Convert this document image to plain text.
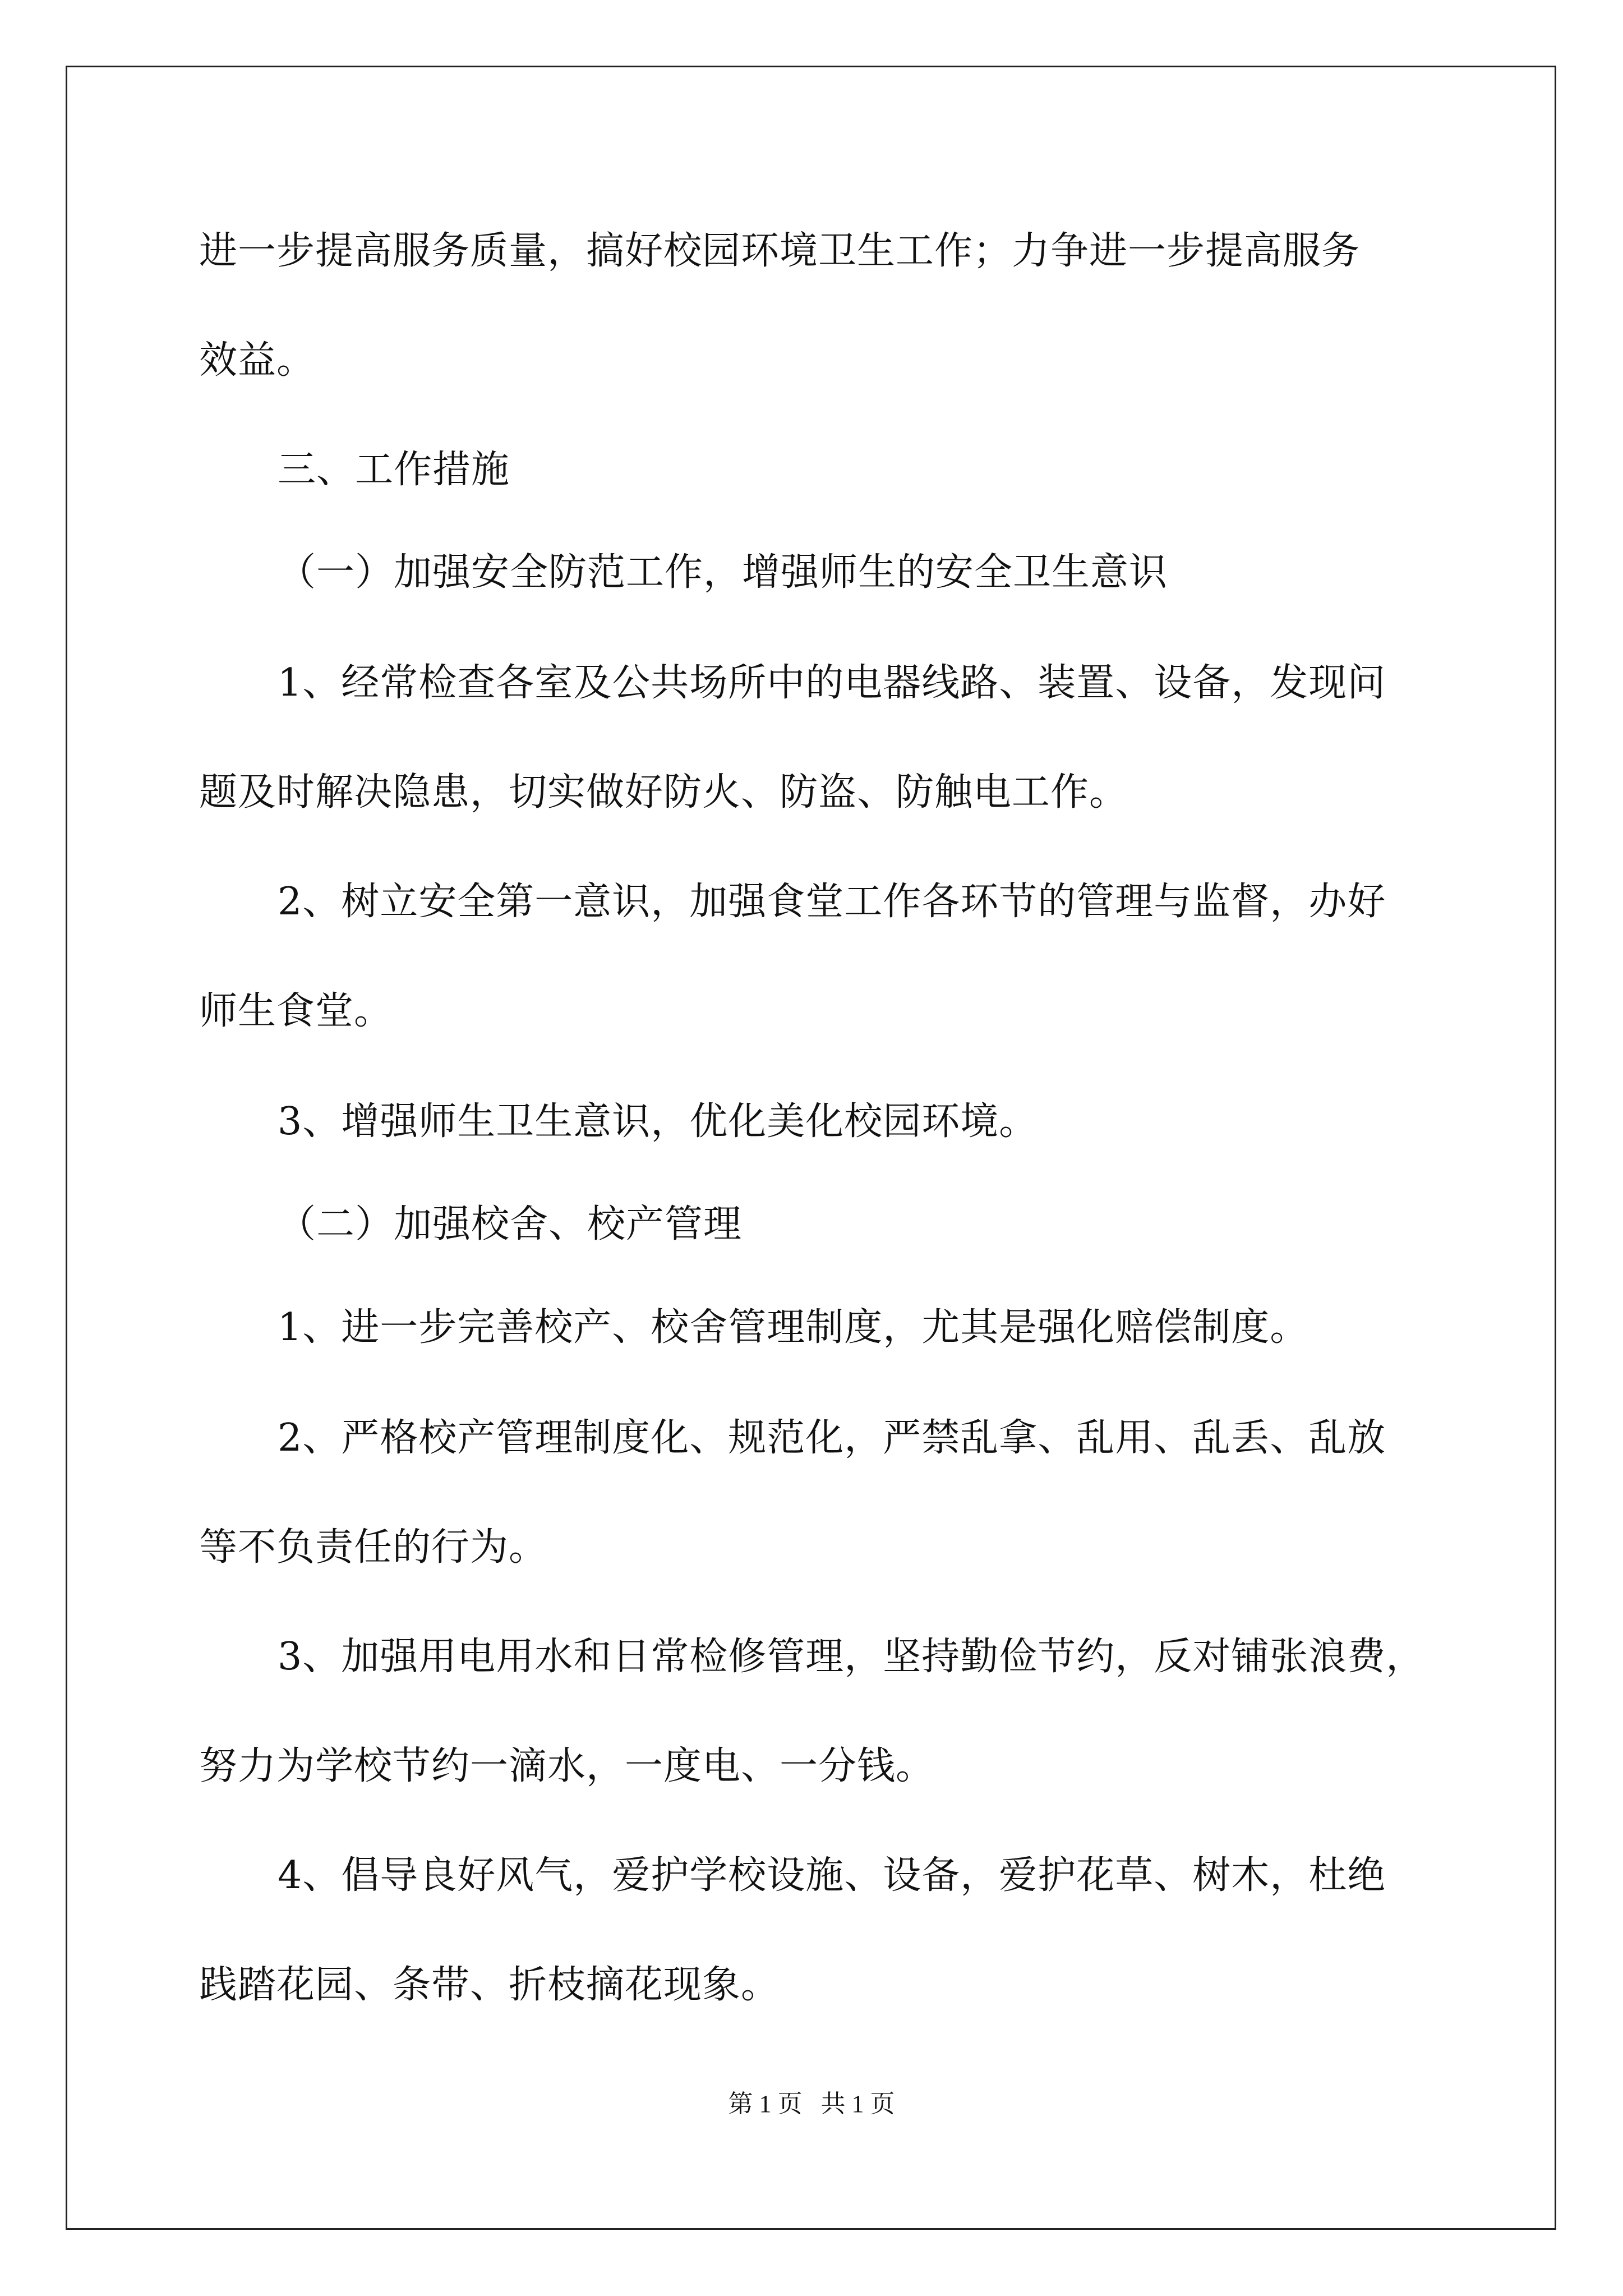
进一步提高服务质量，搞好校园环境卫生工作；力争进一步提高服务
效益。
三、工作措施
（一）加强安全防范工作，增强师生的安全卫生意识
1、经常检查各室及公共场所中的电器线路、装置、设备，发现问
题及时解决隐患，切实做好防火、防盗、防触电工作。
2、树立安全第一意识，加强食堂工作各环节的管理与监督，办好
师生食堂。
3、增强师生卫生意识，优化美化校园环境。
（二）加强校舍、校产管理
1、进一步完善校产、校舍管理制度，尤其是强化赔偿制度。
2、严格校产管理制度化、规范化，严禁乱拿、乱用、乱丢、乱放
等不负责任的行为。
3、加强用电用水和日常检修管理，坚持勤俭节约，反对铺张浪费，
努力为学校节约一滴水，一度电、一分钱。
4、倡导良好风气，爱护学校设施、设备，爱护花草、树木，杜绝
践踏花园、条带、折枝摘花现象。
第 1 页   共 1 页
